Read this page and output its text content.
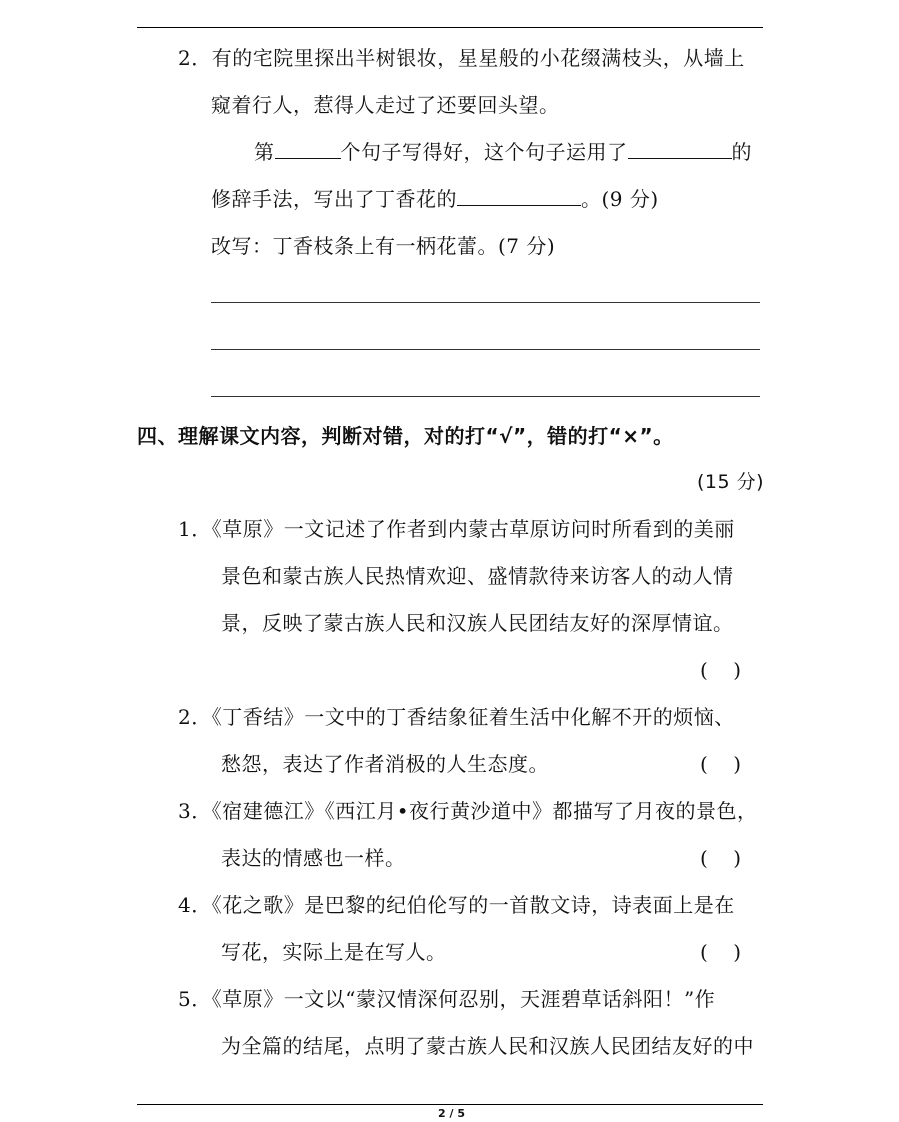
2．有的宅院里探出半树银妆，星星般的小花缀满枝头，从墙上
窥着行人，惹得人走过了还要回头望。
第	个句子写得好，这个句子运用了	的
修辞手法，写出了丁香花的	。(9 分)
改写：丁香枝条上有一柄花蕾。(7 分)
四、理解课文内容，判断对错，对的打“√”，错的打“×”。
(15 分)
1．《草原》一文记述了作者到内蒙古草原访问时所看到的美丽
景色和蒙古族人民热情欢迎、盛情款待来访客人的动人情
景，反映了蒙古族人民和汉族人民团结友好的深厚情谊。
(    )
2．《丁香结》一文中的丁香结象征着生活中化解不开的烦恼、
愁怨，表达了作者消极的人生态度。	(    )
3．《宿建德江》《西江月•夜行黄沙道中》都描写了月夜的景色，
表达的情感也一样。	(    )
4．《花之歌》是巴黎的纪伯伦写的一首散文诗，诗表面上是在
写花，实际上是在写人。	(    )
5．《草原》一文以“蒙汉情深何忍别，天涯碧草话斜阳！”作
为全篇的结尾，点明了蒙古族人民和汉族人民团结友好的中
2 / 5
